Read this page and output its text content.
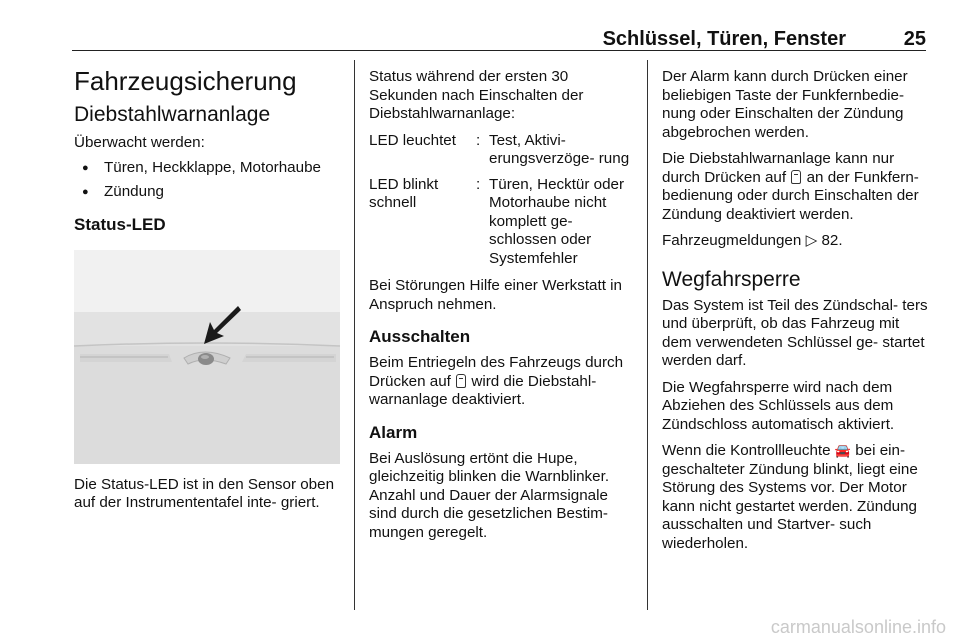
Schlüssel, Türen, Fenster	25
Fahrzeugsicherung
Diebstahlwarnanlage

Überwacht werden:

● Türen, Heckklappe, Motorhaube
● Zündung
Status-LED

Die Status-LED ist in den Sensor oben auf der Instrumententafel inte- griert.

Status während der ersten 30 Sekunden nach Einschalten der Diebstahlwarnanlage:

LED leuchtet	:	Test, Aktivi- erungsverzöge- rung
LED blinkt schnell	:	Türen, Hecktür oder Motorhaube nicht komplett ge- schlossen oder Systemfehler

Bei Störungen Hilfe einer Werkstatt in Anspruch nehmen.

Ausschalten

Beim Entriegeln des Fahrzeugs durch Drücken auf wird die Diebstahl- warnanlage deaktiviert.

Alarm

Bei Auslösung ertönt die Hupe, gleichzeitig blinken die Warnblinker. Anzahl und Dauer der Alarmsignale sind durch die gesetzlichen Bestim- mungen geregelt.

Der Alarm kann durch Drücken einer beliebigen Taste der Funkfernbedie- nung oder Einschalten der Zündung abgebrochen werden.

Die Diebstahlwarnanlage kann nur durch Drücken auf an der Funkfern- bedienung oder durch Einschalten der Zündung deaktiviert werden.

Fahrzeugmeldungen ▷ 82.

Wegfahrsperre

Das System ist Teil des Zündschal- ters und überprüft, ob das Fahrzeug mit dem verwendeten Schlüssel ge- startet werden darf.

Die Wegfahrsperre wird nach dem Abziehen des Schlüssels aus dem Zündschloss automatisch aktiviert.

Wenn die Kontrollleuchte 🚘 bei ein- geschalteter Zündung blinkt, liegt eine Störung des Systems vor. Der Motor kann nicht gestartet werden. Zündung ausschalten und Startver- such wiederholen.

carmanualsonline.info
